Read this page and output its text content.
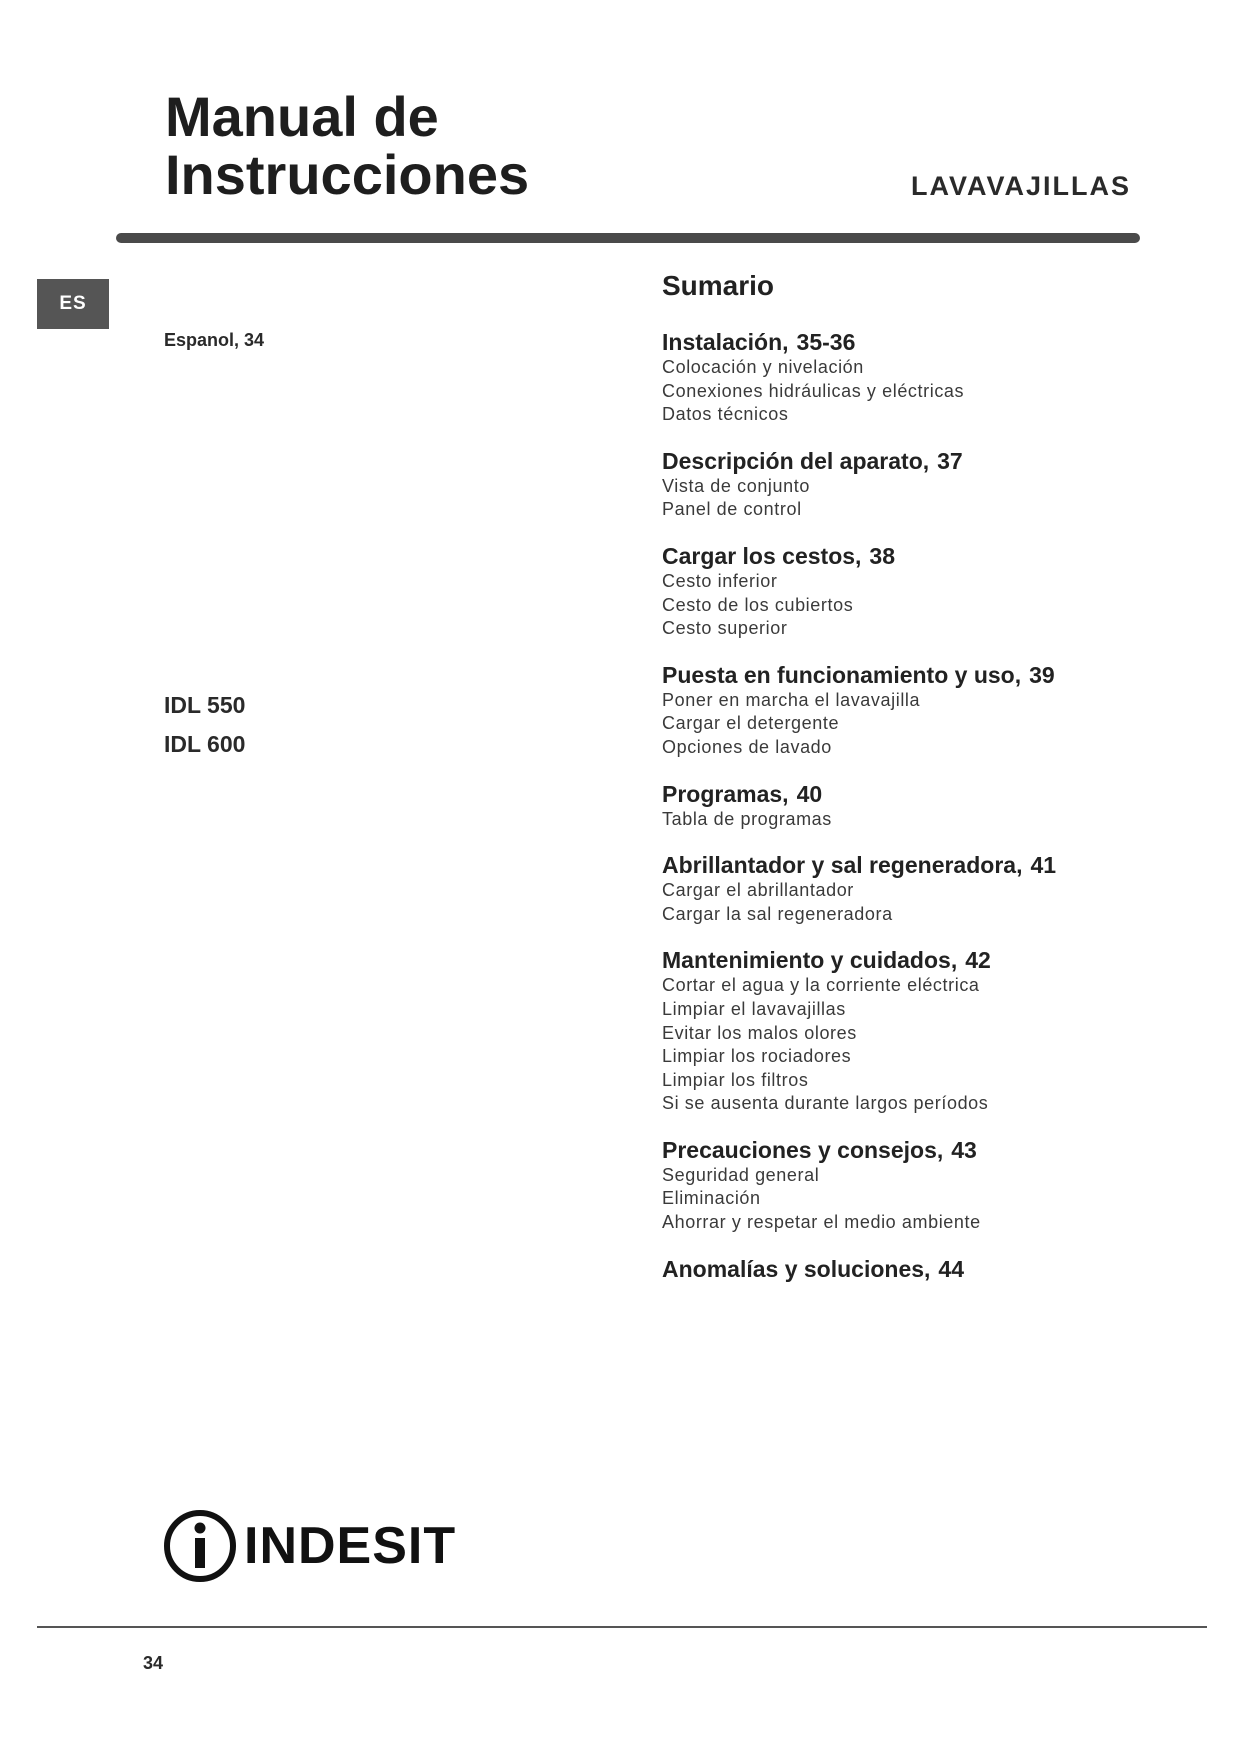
Manual de
Instrucciones	LAVAVAJILLAS
ES
Espanol, 34
IDL 550
IDL 600
Sumario
Instalación, 35-36
Colocación y nivelación
Conexiones hidráulicas y eléctricas
Datos técnicos
Descripción del aparato, 37
Vista de conjunto
Panel de control
Cargar los cestos, 38
Cesto inferior
Cesto de los cubiertos
Cesto superior
Puesta en funcionamiento y uso, 39
Poner en marcha el lavavajilla
Cargar el detergente
Opciones de lavado
Programas, 40
Tabla de programas
Abrillantador y sal regeneradora, 41
Cargar el abrillantador
Cargar la sal regeneradora
Mantenimiento y cuidados, 42
Cortar el agua y la corriente eléctrica
Limpiar el lavavajillas
Evitar los malos olores
Limpiar los rociadores
Limpiar los filtros
Si se ausenta durante largos períodos
Precauciones y consejos, 43
Seguridad general
Eliminación
Ahorrar y respetar el medio ambiente
Anomalías y soluciones, 44
INDESIT
34
